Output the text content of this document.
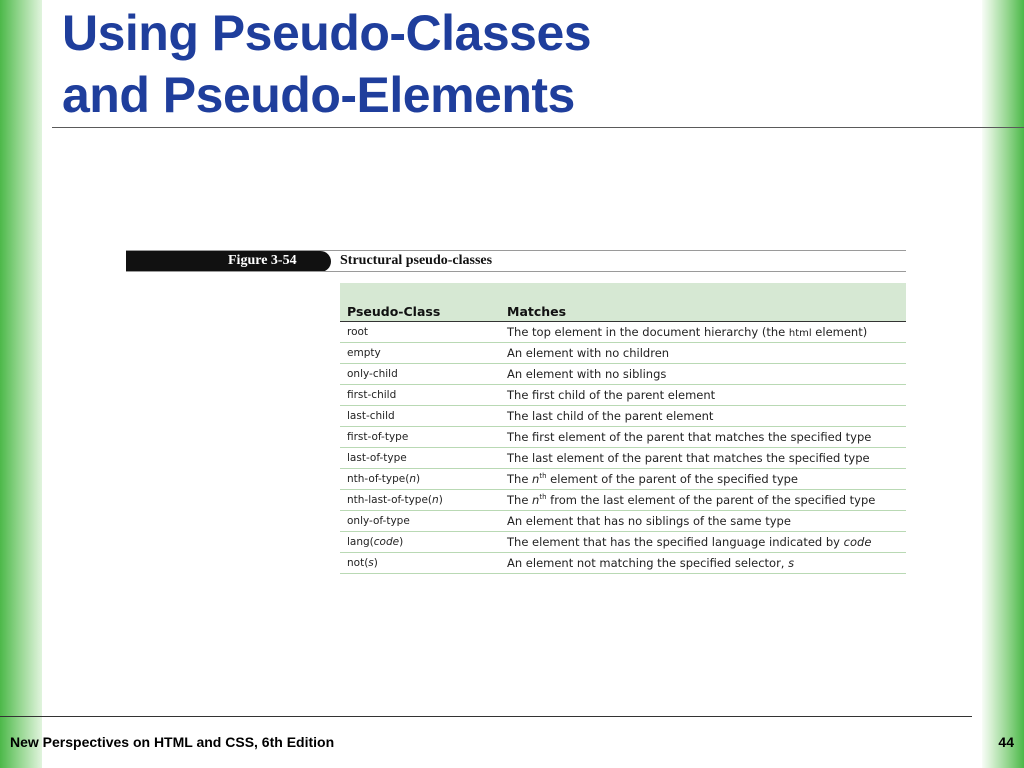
Using Pseudo-Classes
and Pseudo-Elements
Figure 3-54	Structural pseudo-classes
Pseudo-Class	Matches
root	The top element in the document hierarchy (the html element)
empty	An element with no children
only-child	An element with no siblings
first-child	The first child of the parent element
last-child	The last child of the parent element
first-of-type	The first element of the parent that matches the specified type
last-of-type	The last element of the parent that matches the specified type
nth-of-type(n)	The $n^{th}$ element of the parent of the specified type
nth-last-of-type(n)	The $n^{th}$ from the last element of the parent of the specified type
only-of-type	An element that has no siblings of the same type
lang(code)	The element that has the specified language indicated by code
not(s)	An element not matching the specified selector, s
New Perspectives on HTML and CSS, 6th Edition	44
